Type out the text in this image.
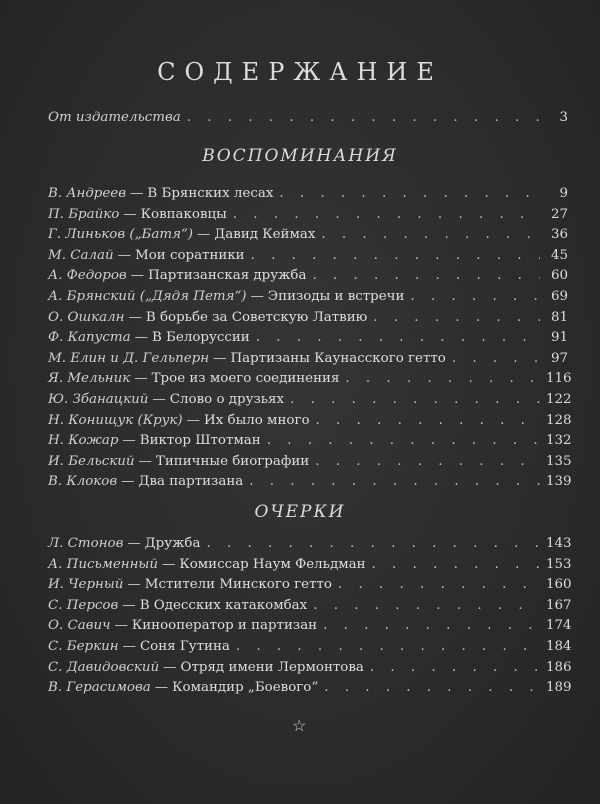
СОДЕРЖАНИЕ
От издательства . . .	3
ВОСПОМИНАНИЯ
В. Андреев — В Брянских лесах . . .	9
П. Брайко — Ковпаковцы . . .	27
Г. Линьков („Батя“) — Давид Кеймах . . .	36
М. Салай — Мои соратники . . .	45
А. Федоров — Партизанская дружба . . .	60
А. Брянский („Дядя Петя“) — Эпизоды и встречи . . .	69
О. Ошкалн — В борьбе за Советскую Латвию . . .	81
Ф. Капуста — В Белоруссии . . .	91
М. Елин и Д. Гельперн — Партизаны Каунасского гетто . . .	97
Я. Мельник — Трое из моего соединения . . .	116
Ю. Збанацкий — Слово о друзьях . . .	122
Н. Конищук (Крук) — Их было много . . .	128
Н. Кожар — Виктор Штотман . . .	132
И. Бельский — Типичные биографии . . .	135
В. Клоков — Два партизана . . .	139
ОЧЕРКИ
Л. Стонов — Дружба . . .	143
А. Письменный — Комиссар Наум Фельдман . . .	153
И. Черный — Мстители Минского гетто . . .	160
С. Персов — В Одесских катакомбах . . .	167
О. Савич — Кинооператор и партизан . . .	174
С. Беркин — Соня Гутина . . .	184
С. Давидовский — Отряд имени Лермонтова . . .	186
В. Герасимова — Командир „Боевого“ . . .	189
☆
